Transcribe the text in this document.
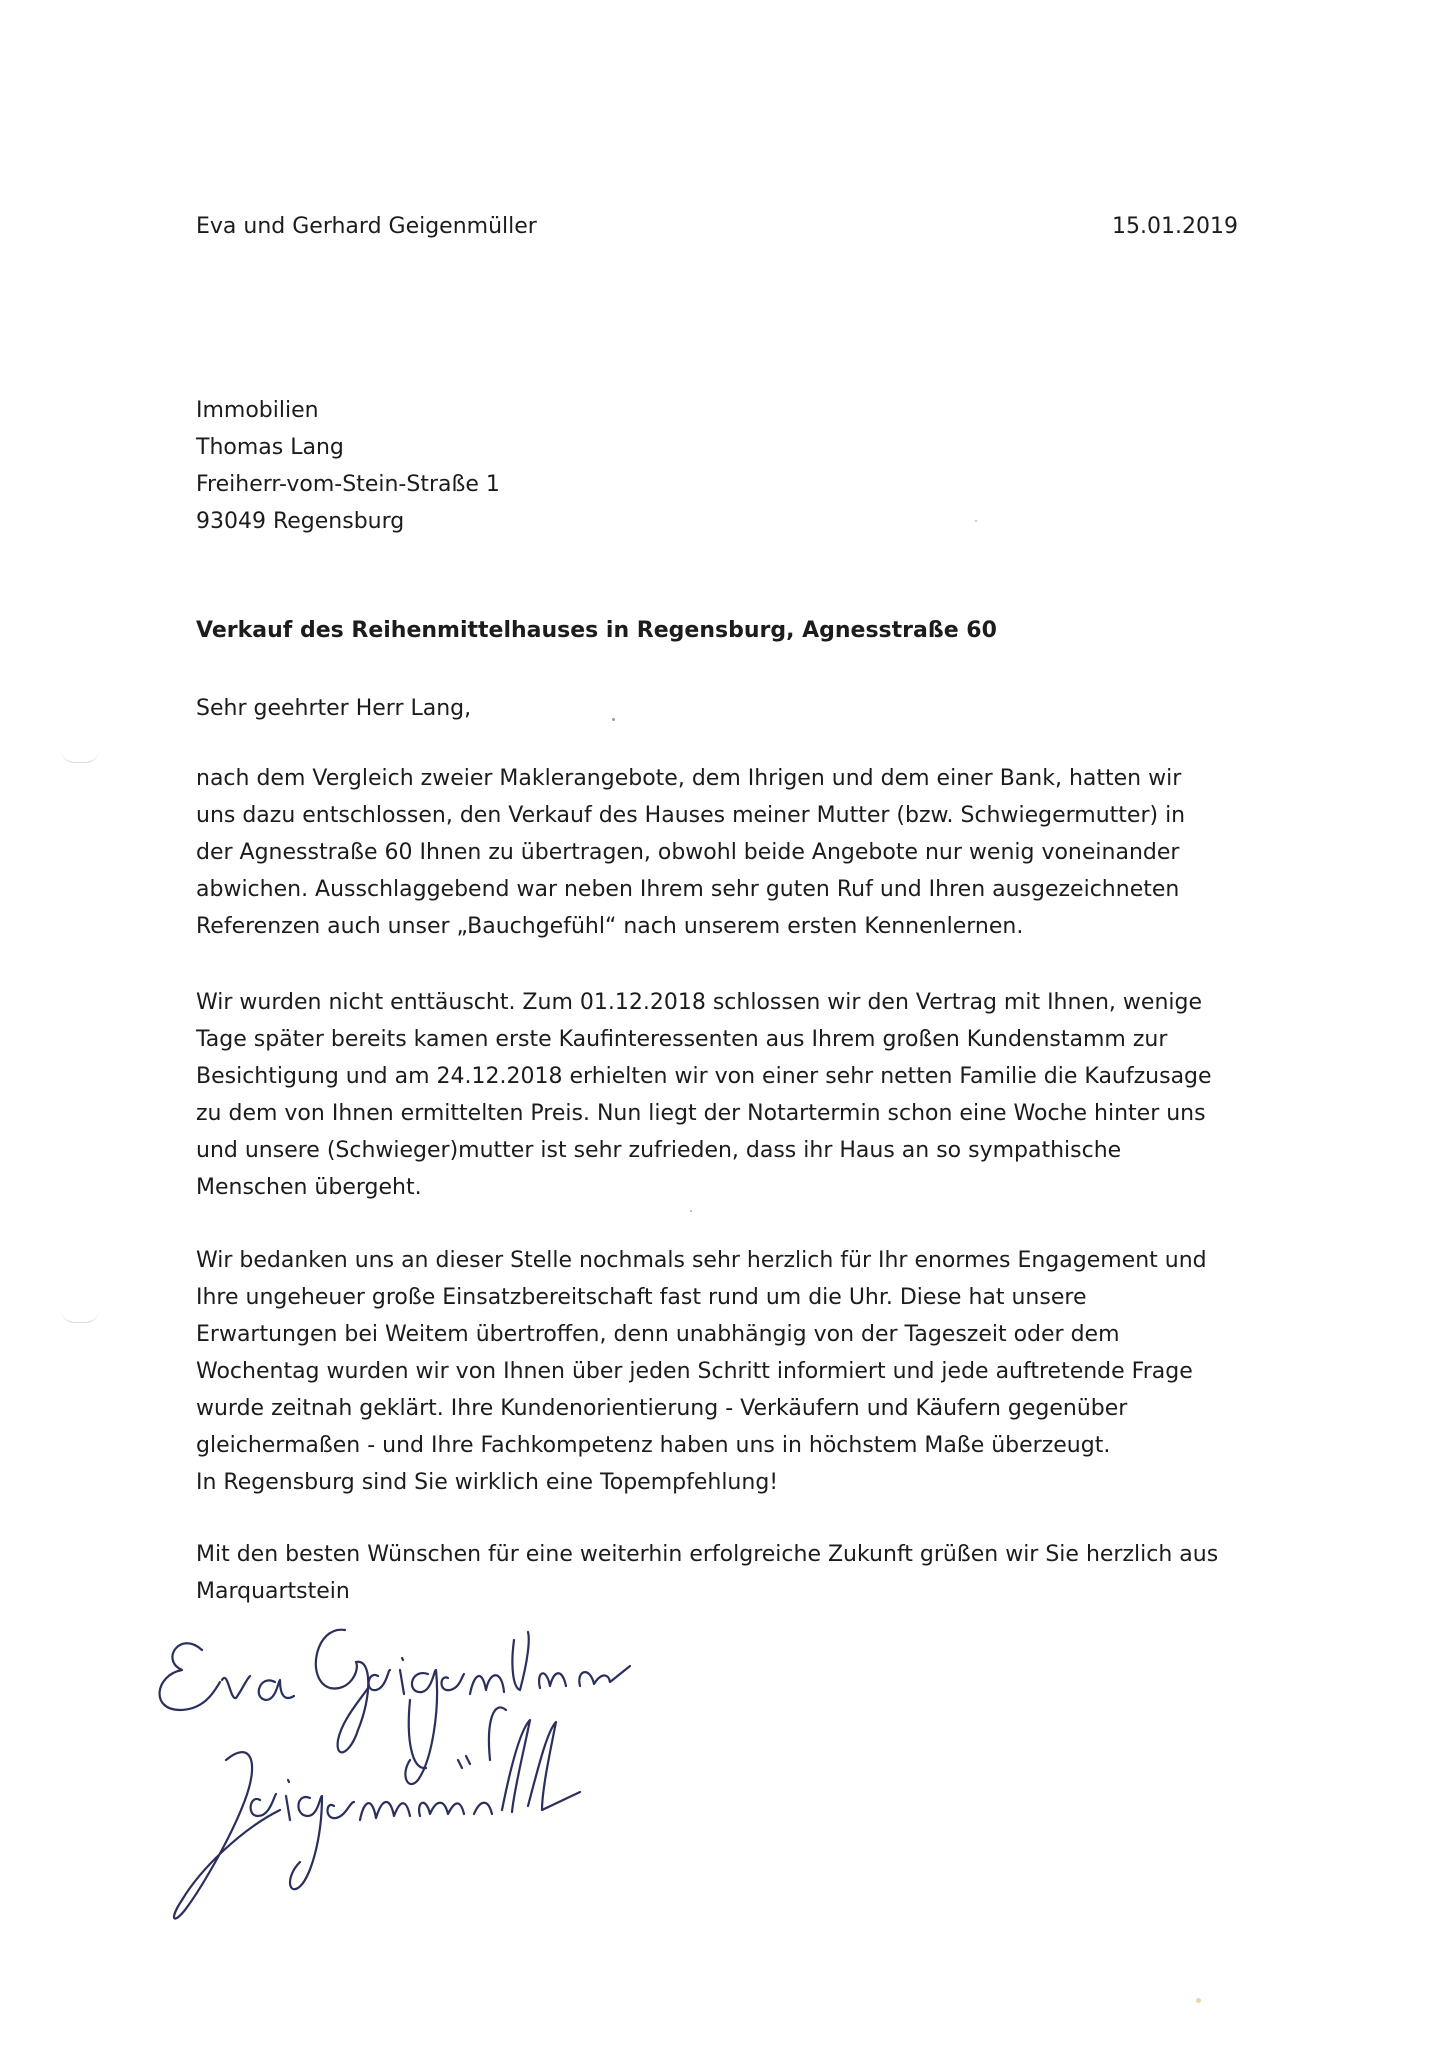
Eva und Gerhard Geigenmüller	15.01.2019
Immobilien
Thomas Lang
Freiherr-vom-Stein-Straße 1
93049 Regensburg
Verkauf des Reihenmittelhauses in Regensburg, Agnesstraße 60
Sehr geehrter Herr Lang,
nach dem Vergleich zweier Maklerangebote, dem Ihrigen und dem einer Bank, hatten wir
uns dazu entschlossen, den Verkauf des Hauses meiner Mutter (bzw. Schwiegermutter) in
der Agnesstraße 60 Ihnen zu übertragen, obwohl beide Angebote nur wenig voneinander
abwichen. Ausschlaggebend war neben Ihrem sehr guten Ruf und Ihren ausgezeichneten
Referenzen auch unser „Bauchgefühl“ nach unserem ersten Kennenlernen.
Wir wurden nicht enttäuscht. Zum 01.12.2018 schlossen wir den Vertrag mit Ihnen, wenige
Tage später bereits kamen erste Kaufinteressenten aus Ihrem großen Kundenstamm zur
Besichtigung und am 24.12.2018 erhielten wir von einer sehr netten Familie die Kaufzusage
zu dem von Ihnen ermittelten Preis. Nun liegt der Notartermin schon eine Woche hinter uns
und unsere (Schwieger)mutter ist sehr zufrieden, dass ihr Haus an so sympathische
Menschen übergeht.
Wir bedanken uns an dieser Stelle nochmals sehr herzlich für Ihr enormes Engagement und
Ihre ungeheuer große Einsatzbereitschaft fast rund um die Uhr. Diese hat unsere
Erwartungen bei Weitem übertroffen, denn unabhängig von der Tageszeit oder dem
Wochentag wurden wir von Ihnen über jeden Schritt informiert und jede auftretende Frage
wurde zeitnah geklärt. Ihre Kundenorientierung - Verkäufern und Käufern gegenüber
gleichermaßen - und Ihre Fachkompetenz haben uns in höchstem Maße überzeugt.
In Regensburg sind Sie wirklich eine Topempfehlung!
Mit den besten Wünschen für eine weiterhin erfolgreiche Zukunft grüßen wir Sie herzlich aus
Marquartstein
